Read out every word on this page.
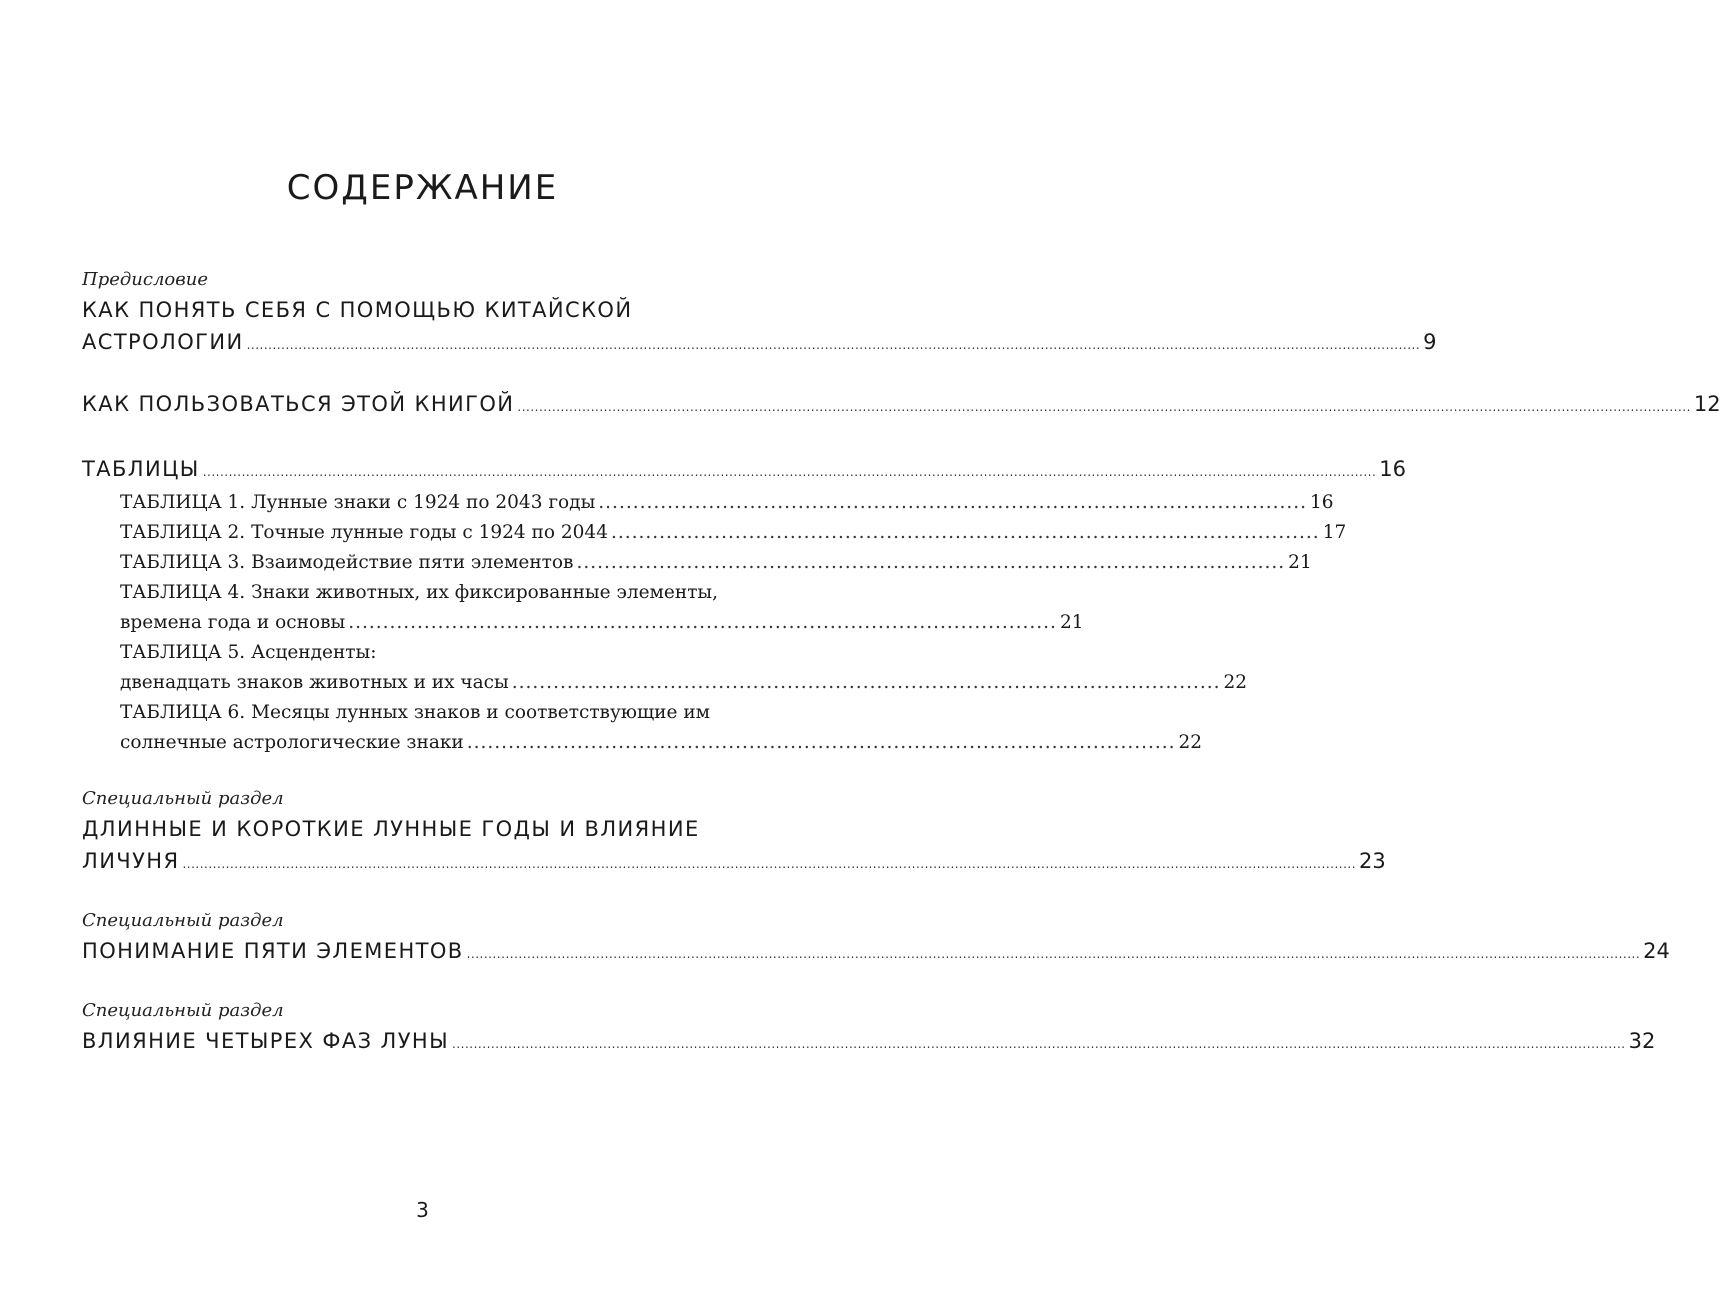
СОДЕРЖАНИЕ
Предисловие
КАК ПОНЯТЬ СЕБЯ С ПОМОЩЬЮ КИТАЙСКОЙ
АСТРОЛОГИИ ................................................................................................................................................................................................................................................................................ 9
КАК ПОЛЬЗОВАТЬСЯ ЭТОЙ КНИГОЙ ................................................................................................................................................................................................................................................................................ 12
ТАБЛИЦЫ ................................................................................................................................................................................................................................................................................ 16
ТАБЛИЦА 1. Лунные знаки с 1924 по 2043 годы ....................................................................................................... 16
ТАБЛИЦА 2. Точные лунные годы с 1924 по 2044 ....................................................................................................... 17
ТАБЛИЦА 3. Взаимодействие пяти элементов ....................................................................................................... 21
ТАБЛИЦА 4. Знаки животных, их фиксированные элементы,
времена года и основы ....................................................................................................... 21
ТАБЛИЦА 5. Асценденты:
двенадцать знаков животных и их часы ....................................................................................................... 22
ТАБЛИЦА 6. Месяцы лунных знаков и соответствующие им
солнечные астрологические знаки ....................................................................................................... 22
Специальный раздел
ДЛИННЫЕ И КОРОТКИЕ ЛУННЫЕ ГОДЫ И ВЛИЯНИЕ
ЛИЧУНЯ ................................................................................................................................................................................................................................................................................ 23
Специальный раздел
ПОНИМАНИЕ ПЯТИ ЭЛЕМЕНТОВ ................................................................................................................................................................................................................................................................................ 24
Специальный раздел
ВЛИЯНИЕ ЧЕТЫРЕХ ФАЗ ЛУНЫ ................................................................................................................................................................................................................................................................................ 32
3
